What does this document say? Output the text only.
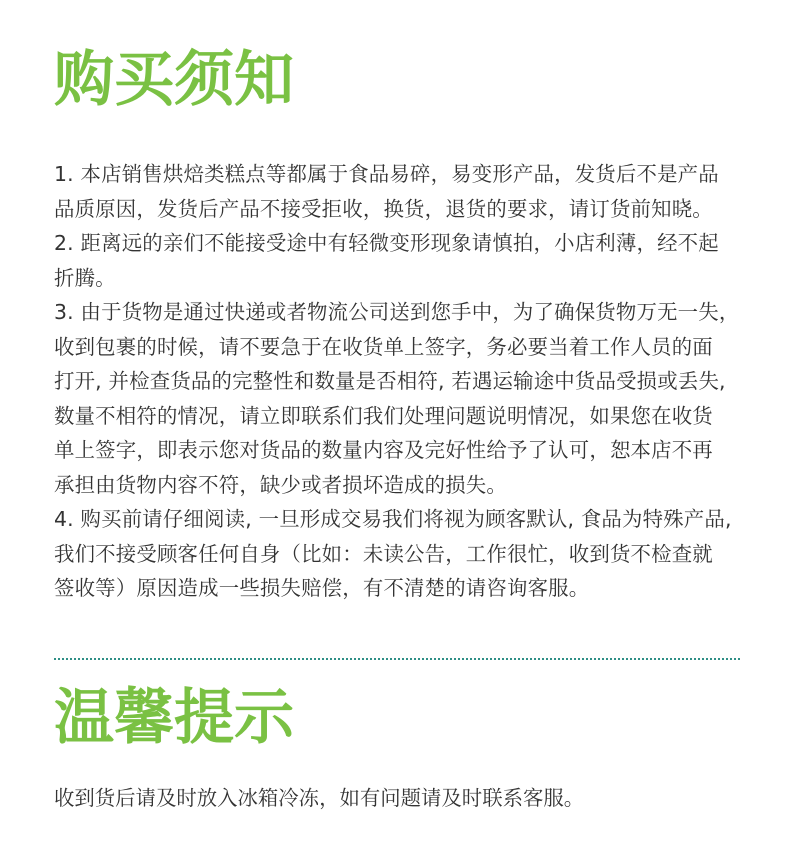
购买须知

1. 本店销售烘焙类糕点等都属于食品易碎，易变形产品，发货后不是产品

品质原因，发货后产品不接受拒收，换货，退货的要求，请订货前知晓。

2. 距离远的亲们不能接受途中有轻微变形现象请慎拍，小店利薄，经不起

折腾。

3. 由于货物是通过快递或者物流公司送到您手中，为了确保货物万无一失，

收到包裹的时候，请不要急于在收货单上签字，务必要当着工作人员的面

打开, 并检查货品的完整性和数量是否相符, 若遇运输途中货品受损或丢失,

数量不相符的情况，请立即联系们我们处理问题说明情况，如果您在收货

单上签字，即表示您对货品的数量内容及完好性给予了认可，恕本店不再

承担由货物内容不符，缺少或者损坏造成的损失。

4. 购买前请仔细阅读, 一旦形成交易我们将视为顾客默认, 食品为特殊产品,

我们不接受顾客任何自身（比如：未读公告，工作很忙，收到货不检查就

签收等）原因造成一些损失赔偿，有不清楚的请咨询客服。

温馨提示

收到货后请及时放入冰箱冷冻，如有问题请及时联系客服。
